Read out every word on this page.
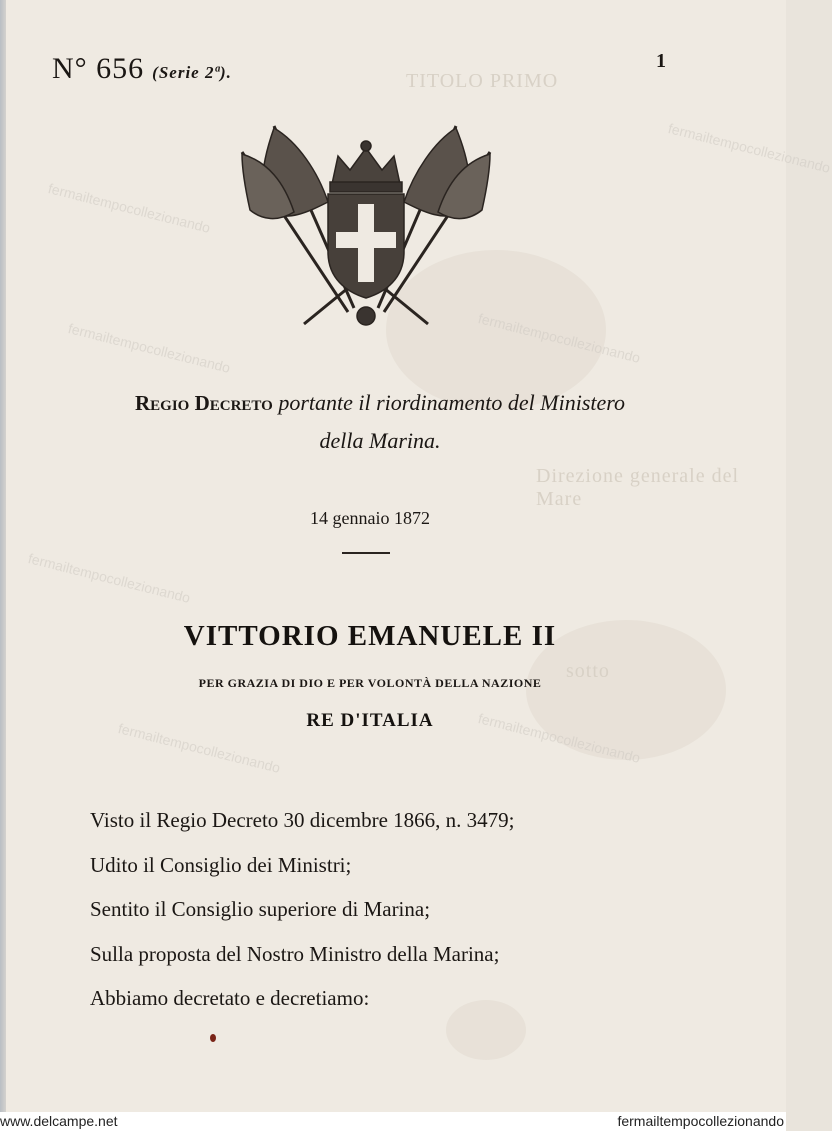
fermailtempocollezionando
fermailtempocollezionando	fermailtempocollezionando
fermailtempocollezionando
fermailtempocollezionando
fermailtempocollezionando
fermailtempocollezionando
TITOLO PRIMO
Direzione generale del Mare
sotto
N° 656 (Serie 2ª).
1
Regio Decreto portante il riordinamento del Ministero
della Marina.
14 gennaio 1872
VITTORIO EMANUELE II
PER GRAZIA DI DIO E PER VOLONTÀ DELLA NAZIONE
RE D'ITALIA
Visto il Regio Decreto 30 dicembre 1866, n. 3479;
Udito il Consiglio dei Ministri;
Sentito il Consiglio superiore di Marina;
Sulla proposta del Nostro Ministro della Marina;
Abbiamo decretato e decretiamo:
www.delcampe.net	fermailtempocollezionando
